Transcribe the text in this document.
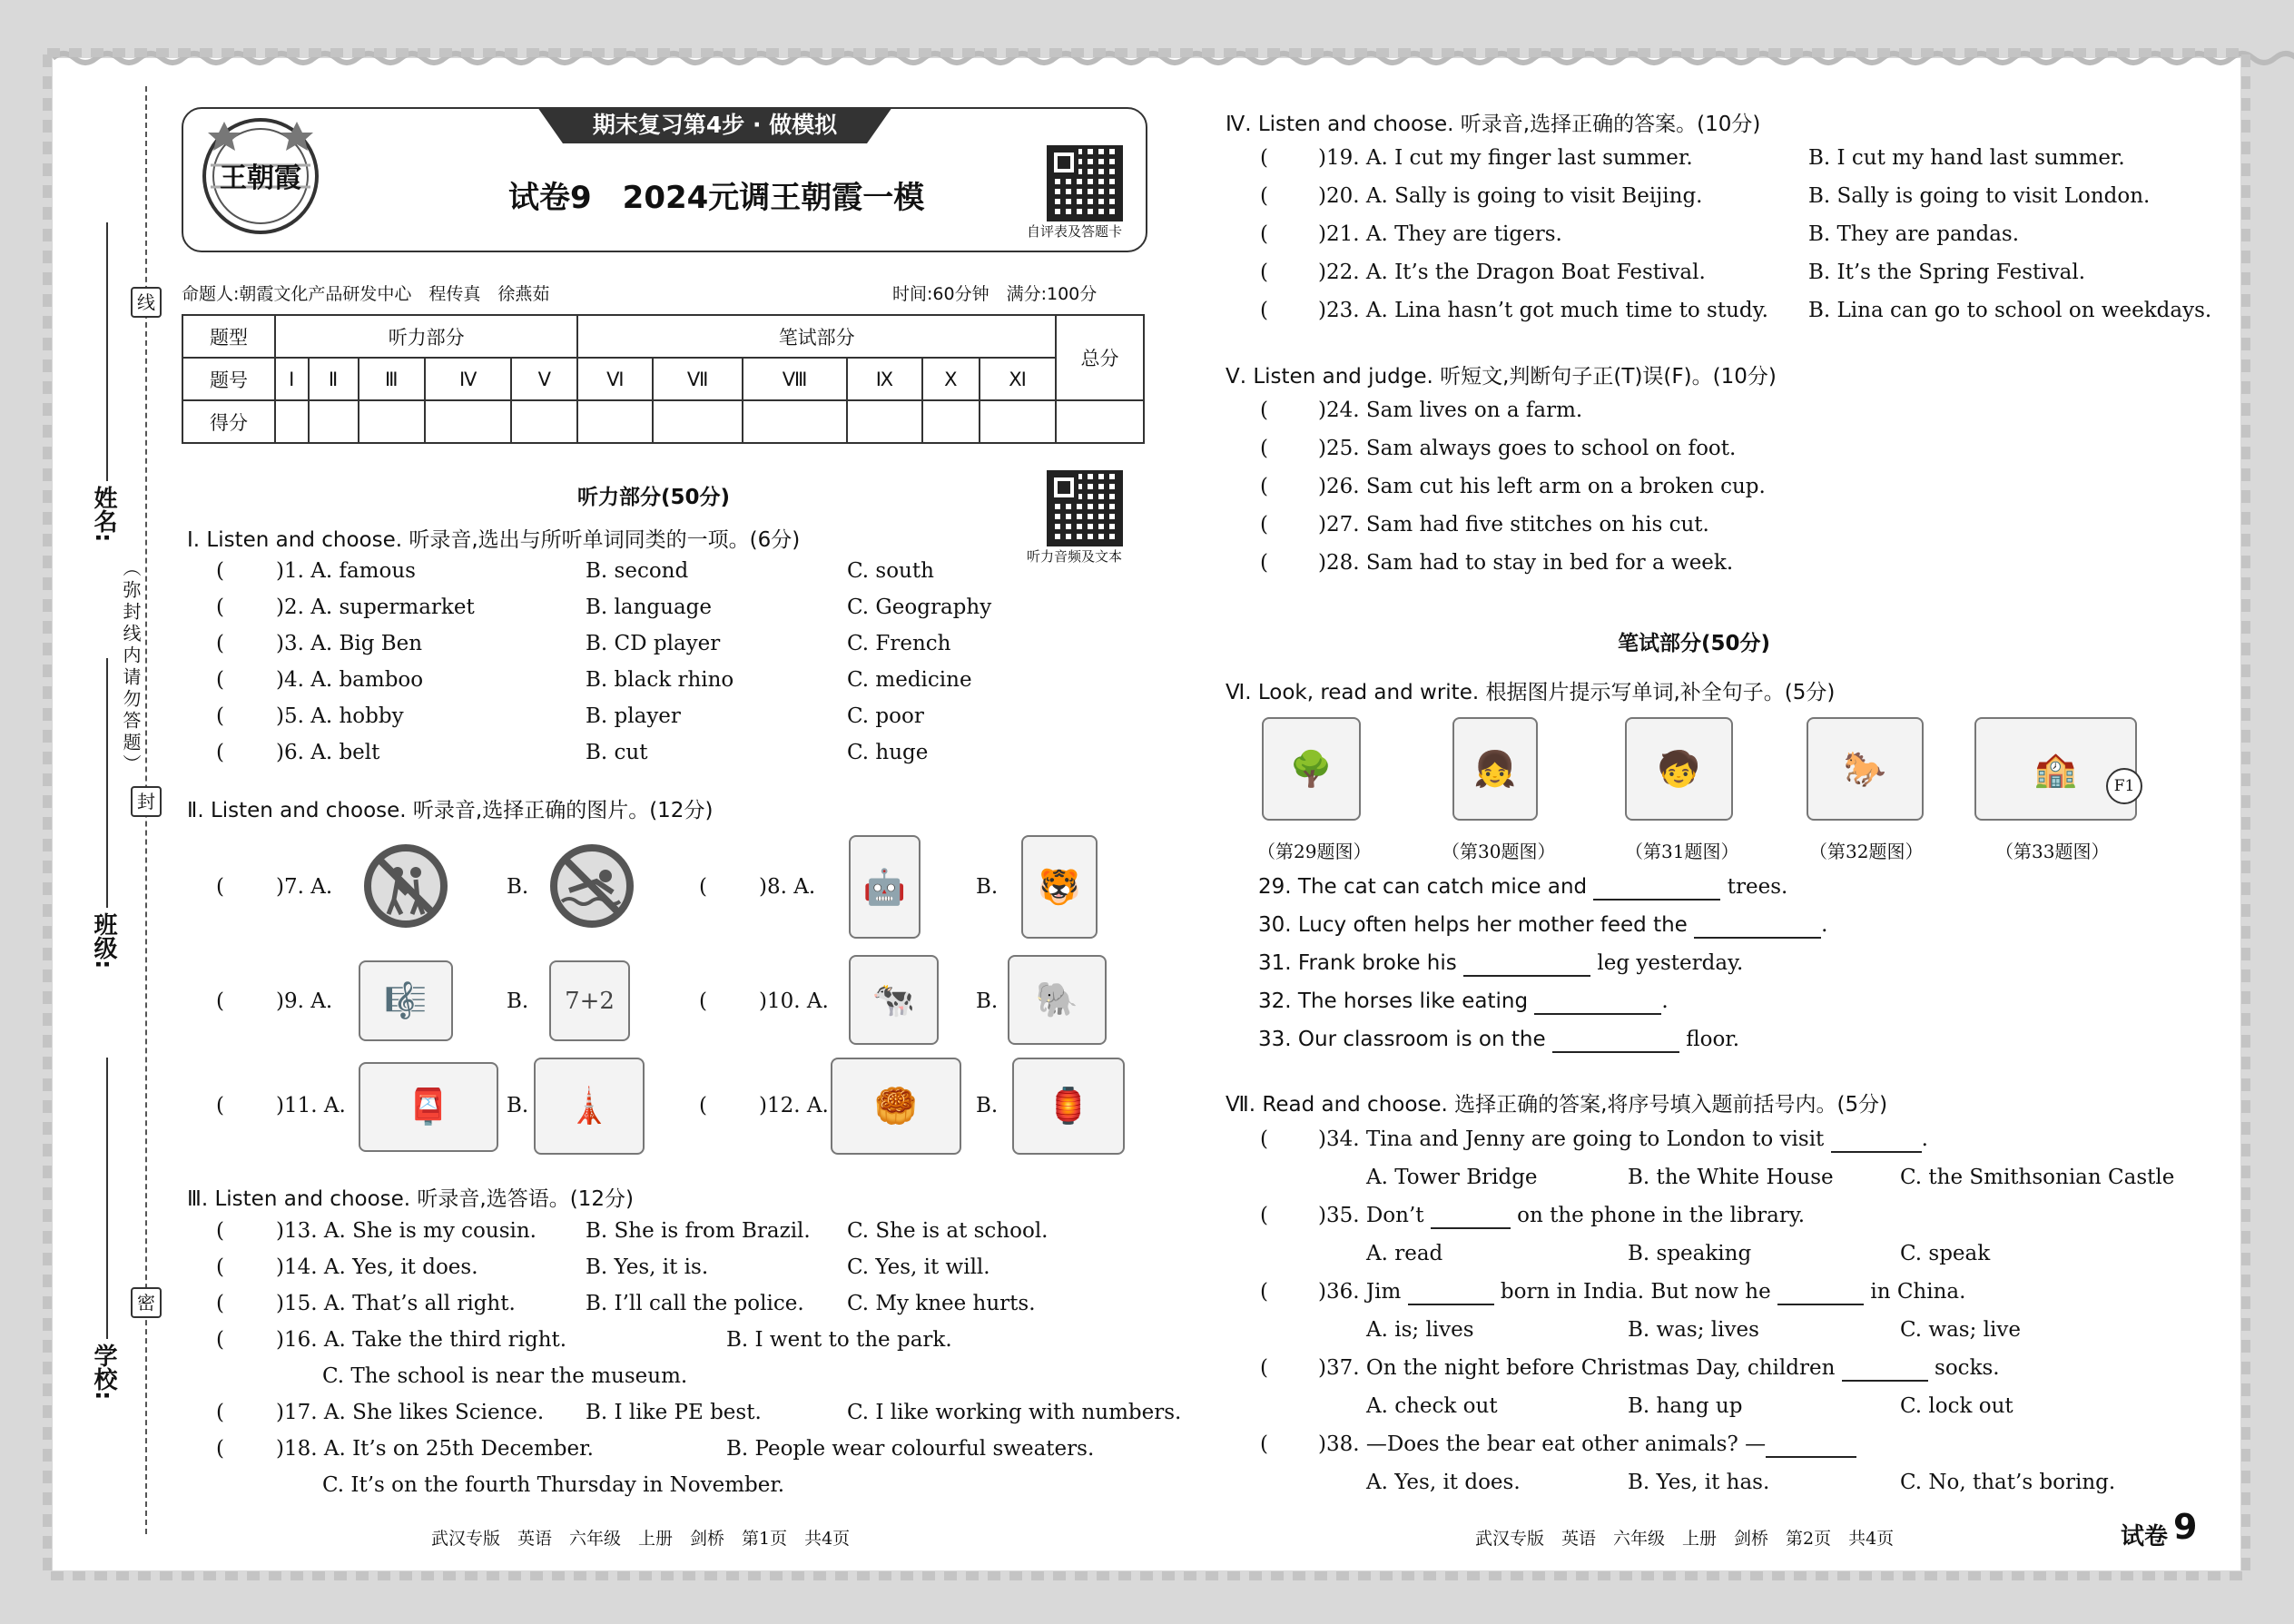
线
封
密
（弥封线内请勿答题）
姓名:
班级:
学校:
王朝霞
期末复习第4步 · 做模拟
试卷9　2024元调王朝霞一模
自评表及答题卡
命题人:朝霞文化产品研发中心　程传真　徐燕茹	时间:60分钟　满分:100分
题型	听力部分					笔试部分						总分
题号	Ⅰ	Ⅱ	Ⅲ	Ⅳ	Ⅴ	Ⅵ	Ⅶ	Ⅷ	Ⅸ	Ⅹ	Ⅺ	
得分												
听力部分(50分)
听力音频及文本
Ⅰ. Listen and choose. 听录音,选出与所听单词同类的一项。(6分)
( )1. A. famous	B. second	C. south
( )2. A. supermarket	B. language	C. Geography
( )3. A. Big Ben	B. CD player	C. French
( )4. A. bamboo	B. black rhino	C. medicine
( )5. A. hobby	B. player	C. poor
( )6. A. belt	B. cut	C. huge
Ⅱ. Listen and choose. 听录音,选择正确的图片。(12分)
( )7. A.	B.	( )8. A.	🤖	B.	🐯
( )9. A.	🎼	B.	7+2	( )10. A.	🐄	B.	🐘
( )11. A.	📮	B.	🗼	( )12. A.	🥮	B.	🏮
Ⅲ. Listen and choose. 听录音,选答语。(12分)
( )13. A. She is my cousin. B. She is from Brazil. C. She is at school.
( )14. A. Yes, it does.	B. Yes, it is.	C. Yes, it will.
( )15. A. That’s all right.	B. I’ll call the police. C. My knee hurts.
( )16. A. Take the third right.	B. I went to the park.
C. The school is near the museum.
( )17. A. She likes Science. B. I like PE best.	C. I like working with numbers.
( )18. A. It’s on 25th December.	B. People wear colourful sweaters.
C. It’s on the fourth Thursday in November.
武汉专版　英语　六年级　上册　剑桥　第1页　共4页
Ⅳ. Listen and choose. 听录音,选择正确的答案。(10分)
( )19. A. I cut my finger last summer.	B. I cut my hand last summer.
( )20. A. Sally is going to visit Beijing.	B. Sally is going to visit London.
( )21. A. They are tigers.	B. They are pandas.
( )22. A. It’s the Dragon Boat Festival.	B. It’s the Spring Festival.
( )23. A. Lina hasn’t got much time to study. B. Lina can go to school on weekdays.
Ⅴ. Listen and judge. 听短文,判断句子正(T)误(F)。(10分)
( )24. Sam lives on a farm.
( )25. Sam always goes to school on foot.
( )26. Sam cut his left arm on a broken cup.
( )27. Sam had five stitches on his cut.
( )28. Sam had to stay in bed for a week.
笔试部分(50分)
Ⅵ. Look, read and write. 根据图片提示写单词,补全句子。(5分)
🌳	👧	🧒	🐎	🏫	F1
（第29题图）	（第30题图）	（第31题图）	（第32题图）	（第33题图）
29. The cat can catch mice and	trees.
30. Lucy often helps her mother feed the	.
31. Frank broke his	leg yesterday.
32. The horses like eating	.
33. Our classroom is on the	floor.
Ⅶ. Read and choose. 选择正确的答案,将序号填入题前括号内。(5分)
( )34. Tina and Jenny are going to London to visit	.
A. Tower Bridge	B. the White House	C. the Smithsonian Castle
( )35. Don’t	on the phone in the library.
A. read	B. speaking	C. speak
( )36. Jim	born in India. But now he	in China.
A. is; lives	B. was; lives	C. was; live
( )37. On the night before Christmas Day, children	socks.
A. check out	B. hang up	C. lock out
( )38. —Does the bear eat other animals? —
A. Yes, it does.	B. Yes, it has.	C. No, that’s boring.
武汉专版　英语　六年级　上册　剑桥　第2页　共4页	试卷 9
